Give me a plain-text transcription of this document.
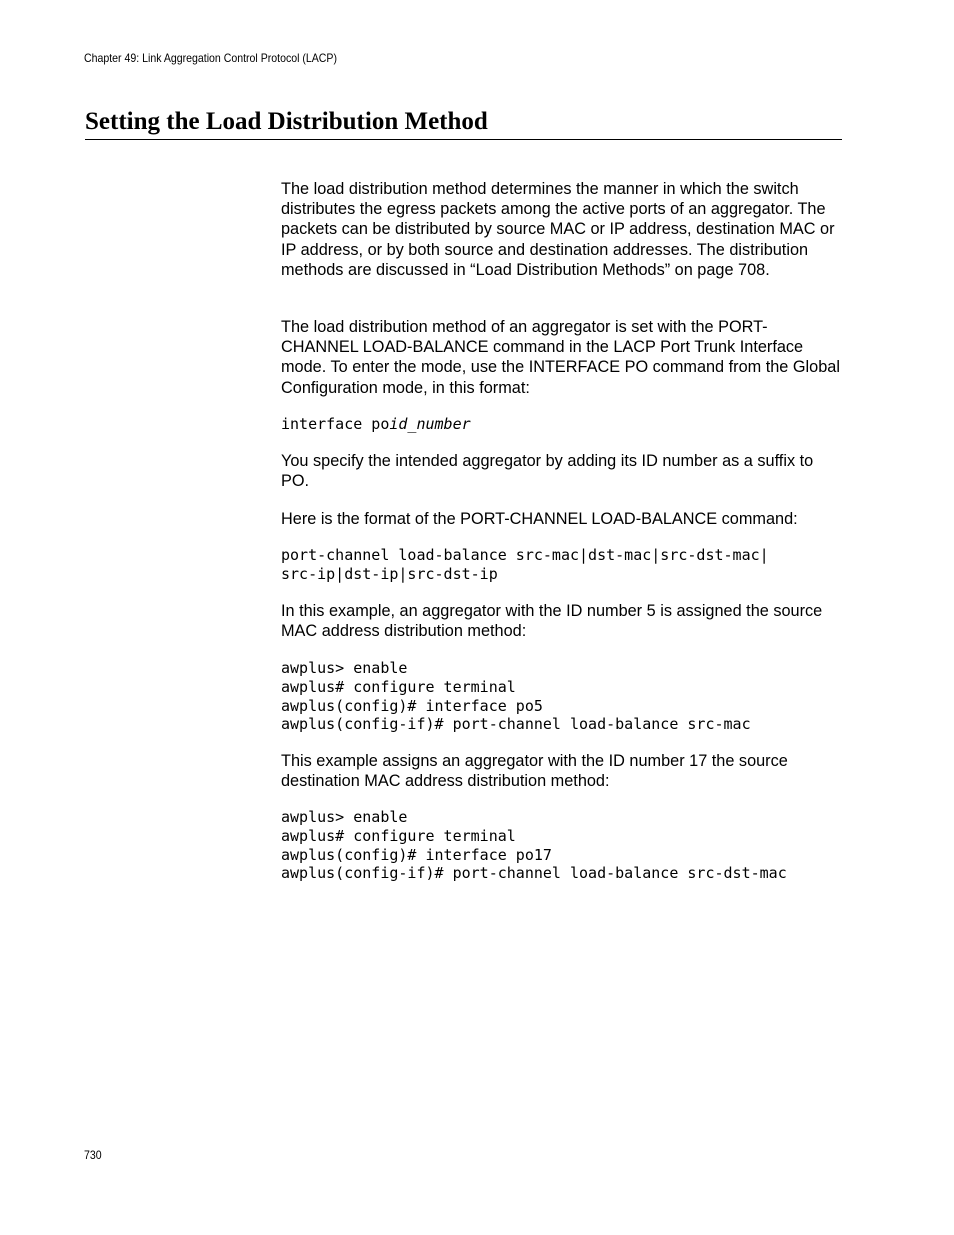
Chapter 49: Link Aggregation Control Protocol (LACP)
Setting the Load Distribution Method

The load distribution method determines the manner in which the switch distributes the egress packets among the active ports of an aggregator. The packets can be distributed by source MAC or IP address, destination MAC or IP address, or by both source and destination addresses. The distribution methods are discussed in “Load Distribution Methods” on page 708.

The load distribution method of an aggregator is set with the PORT-CHANNEL LOAD-BALANCE command in the LACP Port Trunk Interface mode. To enter the mode, use the INTERFACE PO command from the Global Configuration mode, in this format:

interface poid_number

You specify the intended aggregator by adding its ID number as a suffix to PO.

Here is the format of the PORT-CHANNEL LOAD-BALANCE command:

port-channel load-balance src-mac|dst-mac|src-dst-mac|
src-ip|dst-ip|src-dst-ip

In this example, an aggregator with the ID number 5 is assigned the source MAC address distribution method:

awplus> enable
awplus# configure terminal
awplus(config)# interface po5
awplus(config-if)# port-channel load-balance src-mac

This example assigns an aggregator with the ID number 17 the source destination MAC address distribution method:

awplus> enable
awplus# configure terminal
awplus(config)# interface po17
awplus(config-if)# port-channel load-balance src-dst-mac
730
